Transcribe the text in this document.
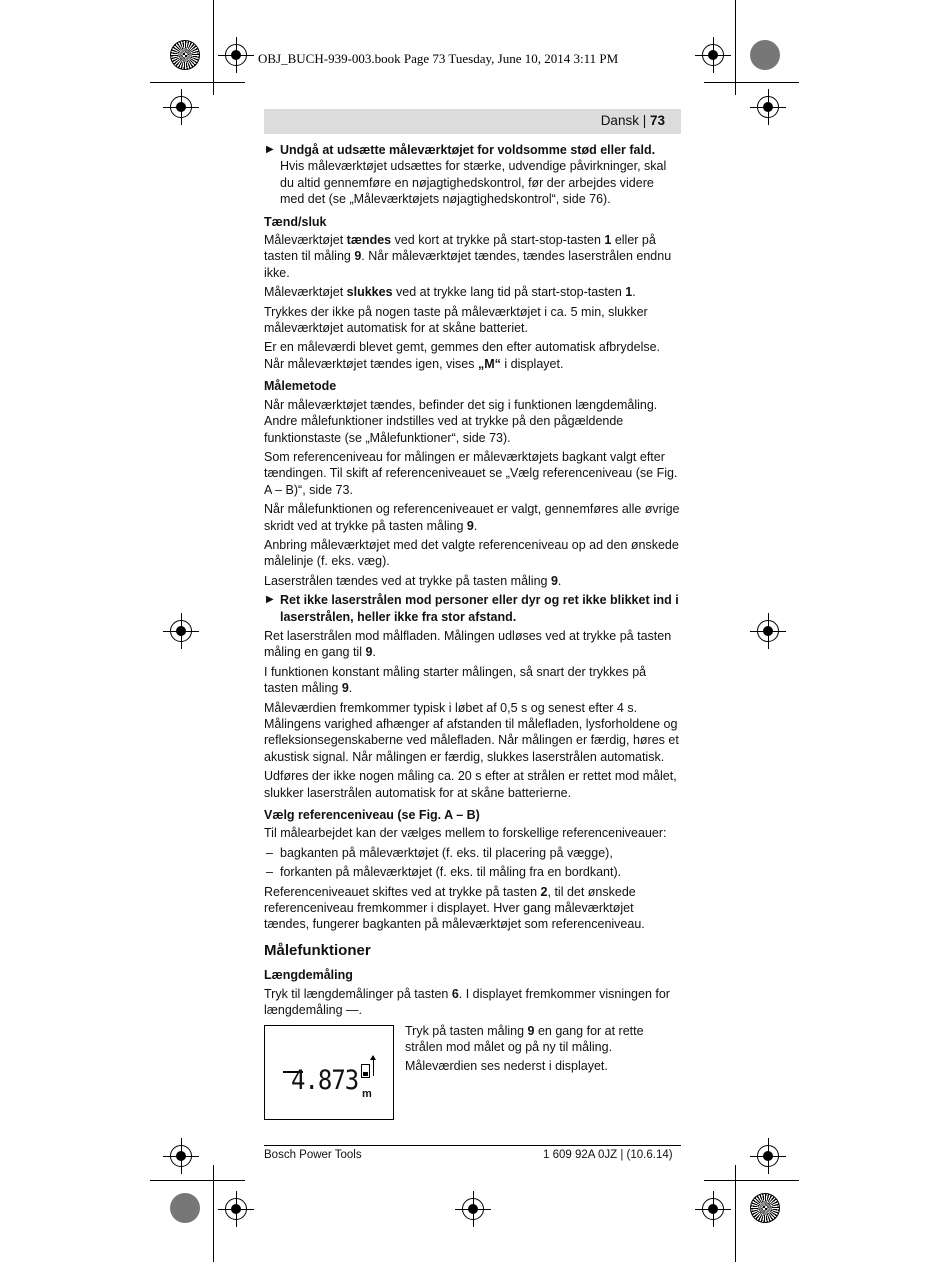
OBJ_BUCH-939-003.book Page 73 Tuesday, June 10, 2014 3:11 PM
Dansk | 73

▶ Undgå at udsætte måleværktøjet for voldsomme stød eller fald. Hvis måleværktøjet udsættes for stærke, udvendige påvirkninger, skal du altid gennemføre en nøjagtighedskontrol, før der arbejdes videre med det (se „Måleværktøjets nøjagtighedskontrol“, side 76).

Tænd/sluk

Måleværktøjet tændes ved kort at trykke på start-stop-tasten 1 eller på tasten til måling 9. Når måleværktøjet tændes, tændes laserstrålen endnu ikke.

Måleværktøjet slukkes ved at trykke lang tid på start-stop-tasten 1.

Trykkes der ikke på nogen taste på måleværktøjet i ca. 5 min, slukker måleværktøjet automatisk for at skåne batteriet.

Er en måleværdi blevet gemt, gemmes den efter automatisk afbrydelse. Når måleværktøjet tændes igen, vises „M“ i displayet.

Målemetode

Når måleværktøjet tændes, befinder det sig i funktionen længdemåling. Andre målefunktioner indstilles ved at trykke på den pågældende funktionstaste (se „Målefunktioner“, side 73).

Som referenceniveau for målingen er måleværktøjets bagkant valgt efter tændingen. Til skift af referenceniveauet se „Vælg referenceniveau (se Fig. A – B)“, side 73.

Når målefunktionen og referenceniveauet er valgt, gennemføres alle øvrige skridt ved at trykke på tasten måling 9.

Anbring måleværktøjet med det valgte referenceniveau op ad den ønskede målelinje (f. eks. væg).

Laserstrålen tændes ved at trykke på tasten måling 9.

▶ Ret ikke laserstrålen mod personer eller dyr og ret ikke blikket ind i laserstrålen, heller ikke fra stor afstand.

Ret laserstrålen mod målfladen. Målingen udløses ved at trykke på tasten måling en gang til 9.

I funktionen konstant måling starter målingen, så snart der trykkes på tasten måling 9.

Måleværdien fremkommer typisk i løbet af 0,5 s og senest efter 4 s. Målingens varighed afhænger af afstanden til målefladen, lysforholdene og refleksionsegenskaberne ved målefladen. Når målingen er færdig, høres et akustisk signal. Når målingen er færdig, slukkes laserstrålen automatisk.

Udføres der ikke nogen måling ca. 20 s efter at strålen er rettet mod målet, slukker laserstrålen automatisk for at skåne batterierne.

Vælg referenceniveau (se Fig. A – B)

Til målearbejdet kan der vælges mellem to forskellige referenceniveauer:

– bagkanten på måleværktøjet (f. eks. til placering på vægge),

– forkanten på måleværktøjet (f. eks. til måling fra en bordkant).

Referenceniveauet skiftes ved at trykke på tasten 2, til det ønskede referenceniveau fremkommer i displayet. Hver gang måleværktøjet tændes, fungerer bagkanten på måleværktøjet som referenceniveau.

Målefunktioner
Længdemåling

Tryk til længdemålinger på tasten 6. I displayet fremkommer visningen for længdemåling —.

4.873 m

Tryk på tasten måling 9 en gang for at rette strålen mod målet og på ny til måling.

Måleværdien ses nederst i displayet.

Bosch Power Tools	1 609 92A 0JZ | (10.6.14)
